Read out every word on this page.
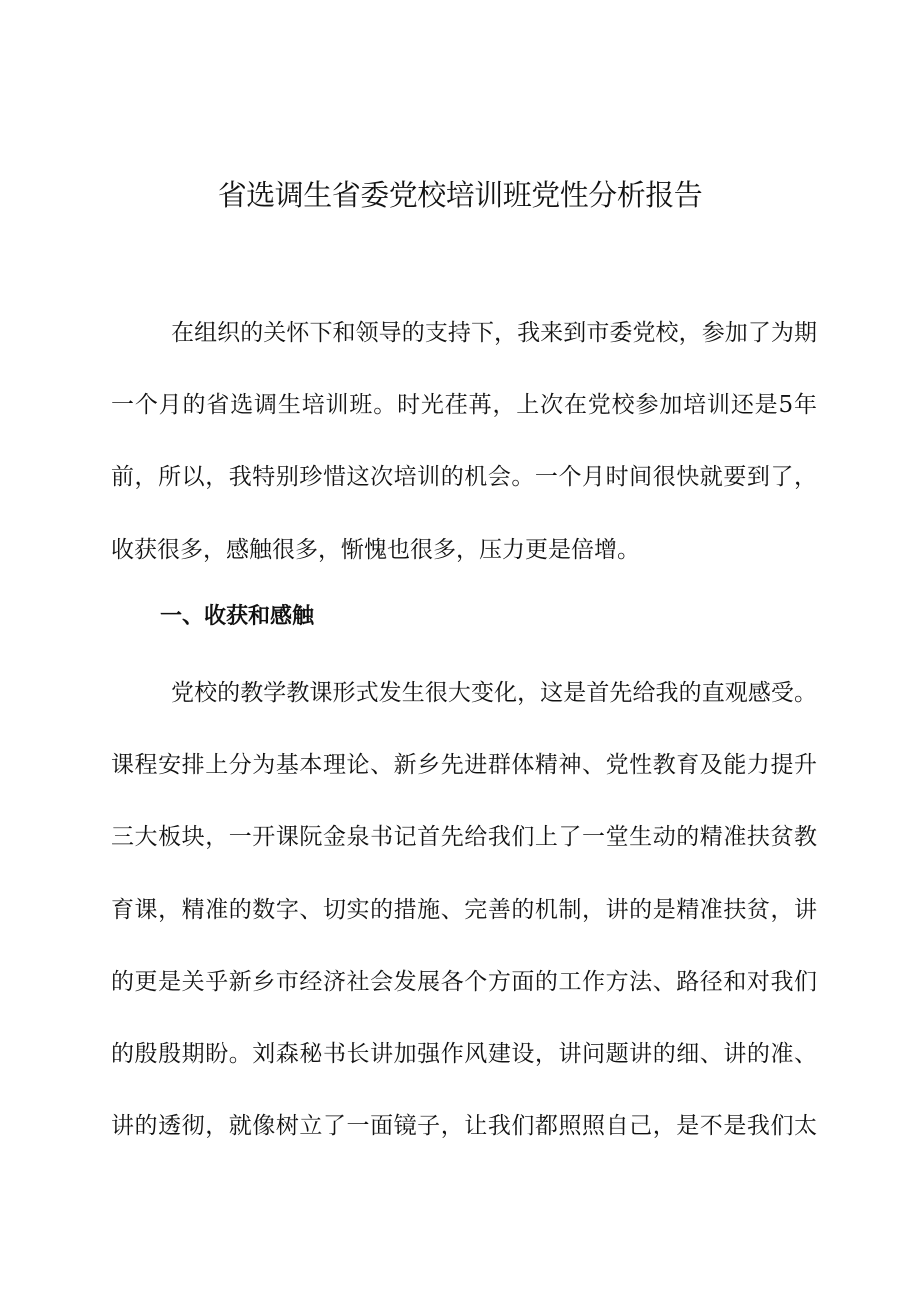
省选调生省委党校培训班党性分析报告
在组织的关怀下和领导的支持下，我来到市委党校，参加了为期
一个月的省选调生培训班。时光荏苒，上次在党校参加培训还是5年
前，所以，我特别珍惜这次培训的机会。一个月时间很快就要到了，
收获很多，感触很多，惭愧也很多，压力更是倍增。
一、收获和感触
党校的教学教课形式发生很大变化，这是首先给我的直观感受。
课程安排上分为基本理论、新乡先进群体精神、党性教育及能力提升
三大板块，一开课阮金泉书记首先给我们上了一堂生动的精准扶贫教
育课，精准的数字、切实的措施、完善的机制，讲的是精准扶贫，讲
的更是关乎新乡市经济社会发展各个方面的工作方法、路径和对我们
的殷殷期盼。刘森秘书长讲加强作风建设，讲问题讲的细、讲的准、
讲的透彻，就像树立了一面镜子，让我们都照照自己，是不是我们太
